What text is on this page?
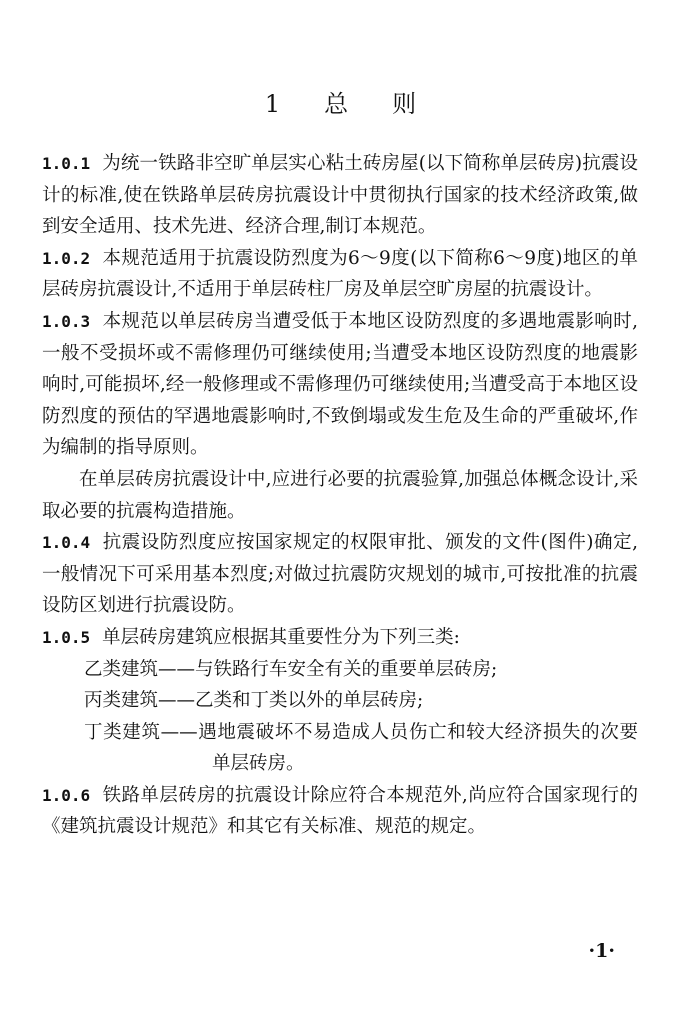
1 总 则

1.0.1 为统一铁路非空旷单层实心粘土砖房屋(以下简称单层砖房)抗震设计的标准,使在铁路单层砖房抗震设计中贯彻执行国家的技术经济政策,做到安全适用、技术先进、经济合理,制订本规范。

1.0.2 本规范适用于抗震设防烈度为6～9度(以下简称6～9度)地区的单层砖房抗震设计,不适用于单层砖柱厂房及单层空旷房屋的抗震设计。

1.0.3 本规范以单层砖房当遭受低于本地区设防烈度的多遇地震影响时,一般不受损坏或不需修理仍可继续使用;当遭受本地区设防烈度的地震影响时,可能损坏,经一般修理或不需修理仍可继续使用;当遭受高于本地区设防烈度的预估的罕遇地震影响时,不致倒塌或发生危及生命的严重破坏,作为编制的指导原则。

在单层砖房抗震设计中,应进行必要的抗震验算,加强总体概念设计,采取必要的抗震构造措施。

1.0.4 抗震设防烈度应按国家规定的权限审批、颁发的文件(图件)确定,一般情况下可采用基本烈度;对做过抗震防灾规划的城市,可按批准的抗震设防区划进行抗震设防。

1.0.5 单层砖房建筑应根据其重要性分为下列三类:

乙类建筑——与铁路行车安全有关的重要单层砖房;

丙类建筑——乙类和丁类以外的单层砖房;

丁类建筑——遇地震破坏不易造成人员伤亡和较大经济损失的次要单层砖房。

1.0.6 铁路单层砖房的抗震设计除应符合本规范外,尚应符合国家现行的《建筑抗震设计规范》和其它有关标准、规范的规定。

·1·
